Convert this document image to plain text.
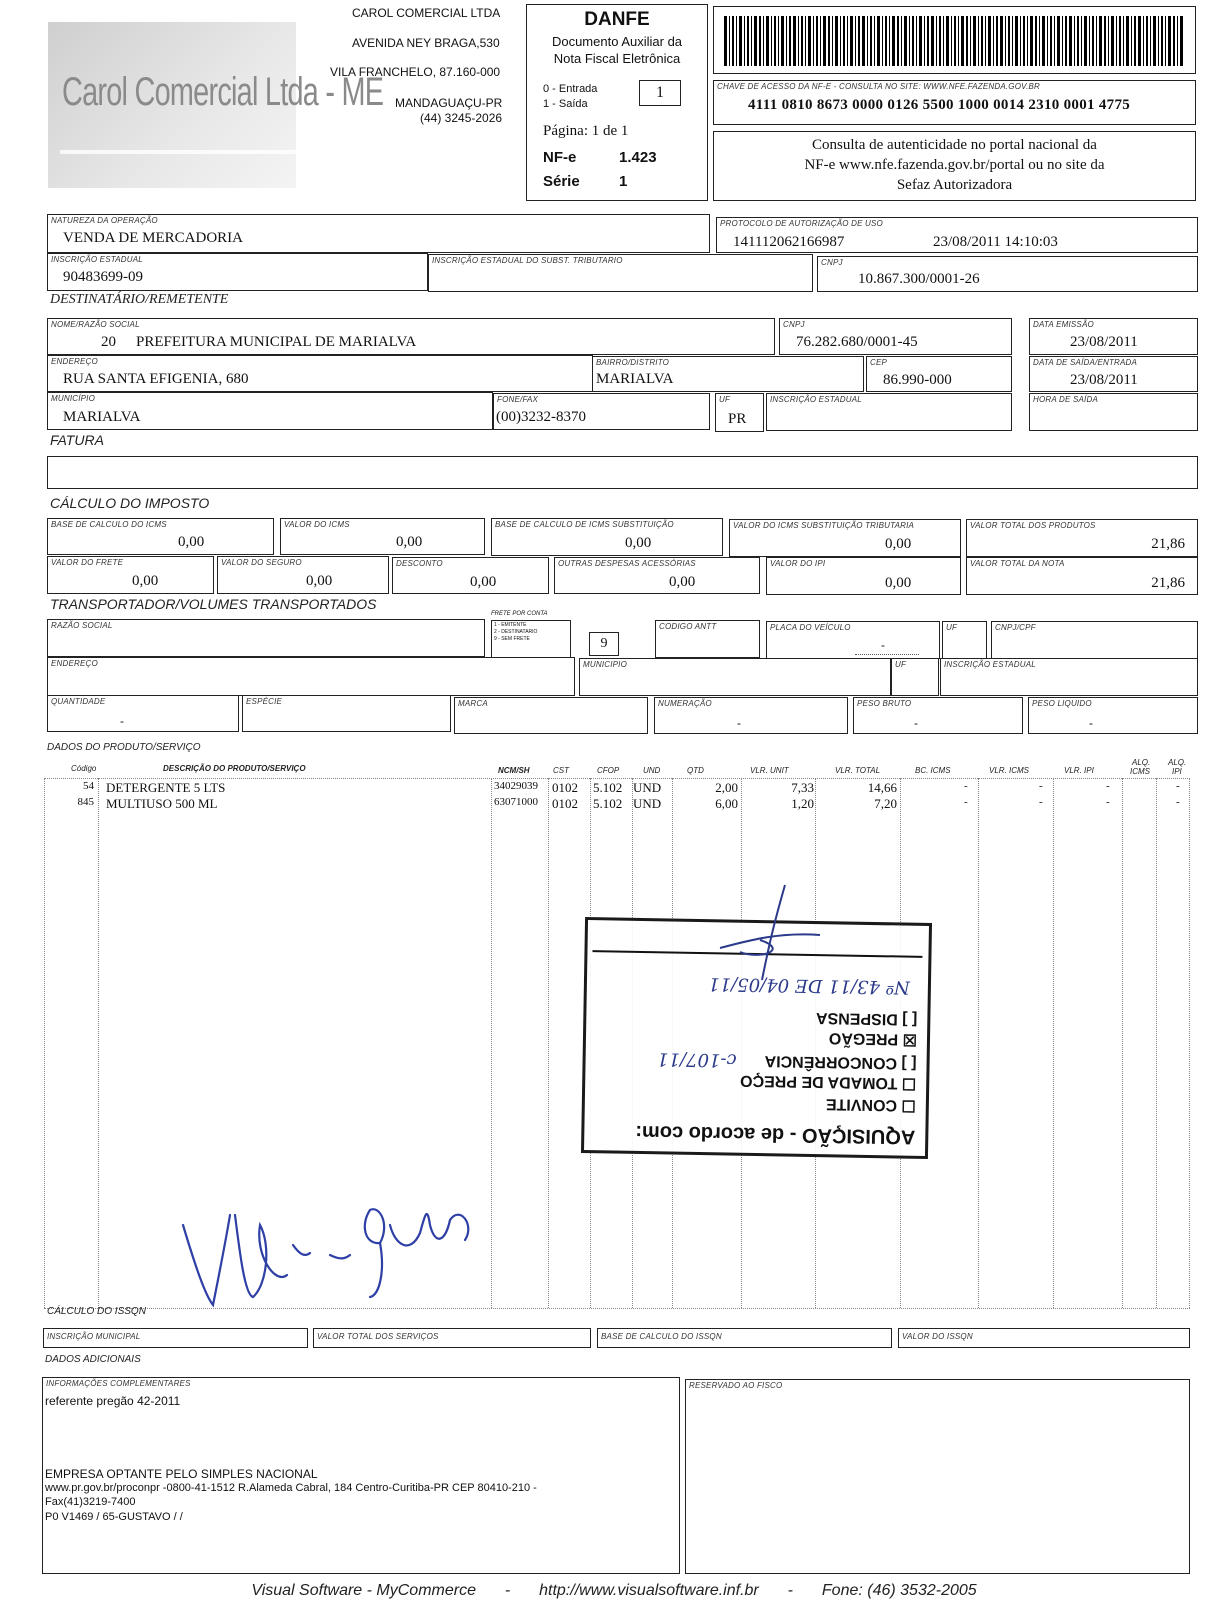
Carol Comercial Ltda - ME
CAROL COMERCIAL LTDA
AVENIDA NEY BRAGA,530
VILA FRANCHELO, 87.160-000
MANDAGUAÇU-PR
(44) 3245-2026
DANFE
Documento Auxiliar da
Nota Fiscal Eletrônica
0 - Entrada
1 - Saída
1
Página: 1 de 1
NF-e	1.423
Série	1
CHAVE DE ACESSO DA NF-E - CONSULTA NO SITE: WWW.NFE.FAZENDA.GOV.BR
4111 0810 8673 0000 0126 5500 1000 0014 2310 0001 4775
Consulta de autenticidade no portal nacional da
NF-e www.nfe.fazenda.gov.br/portal ou no site da
Sefaz Autorizadora
NATUREZA DA OPERAÇÃO
VENDA DE MERCADORIA
PROTOCOLO DE AUTORIZAÇÃO DE USO
141112062166987	23/08/2011 14:10:03
INSCRIÇÃO ESTADUAL
90483699-09
INSCRIÇÃO ESTADUAL DO SUBST. TRIBUTARIO	CNPJ
10.867.300/0001-26
DESTINATÁRIO/REMETENTE
NOME/RAZÃO SOCIAL
20 PREFEITURA MUNICIPAL DE MARIALVA
CNPJ
76.282.680/0001-45
DATA EMISSÃO
23/08/2011
ENDEREÇO
RUA SANTA EFIGENIA, 680
BAIRRO/DISTRITO
MARIALVA
CEP
86.990-000
DATA DE SAÍDA/ENTRADA
23/08/2011
MUNICÍPIO
MARIALVA
FONE/FAX
(00)3232-8370
UF
PR
INSCRIÇÃO ESTADUAL	HORA DE SAÍDA
FATURA
CÁLCULO DO IMPOSTO
BASE DE CALCULO DO ICMS
0,00
VALOR DO ICMS
0,00
BASE DE CALCULO DE ICMS SUBSTITUIÇÃO
0,00
VALOR DO ICMS SUBSTITUIÇÃO TRIBUTARIA
0,00
VALOR TOTAL DOS PRODUTOS
21,86
VALOR DO FRETE
0,00
VALOR DO SEGURO
0,00
DESCONTO
0,00
OUTRAS DESPESAS ACESSÓRIAS
0,00
VALOR DO IPI
0,00
VALOR TOTAL DA NOTA
21,86
TRANSPORTADOR/VOLUMES TRANSPORTADOS
RAZÃO SOCIAL
FRETE POR CONTA
1 - EMITENTE
2 - DESTINATARIO
9 - SEM FRETE	9
CODIGO ANTT	PLACA DO VEÍCULO
-
UF	CNPJ/CPF
ENDEREÇO	MUNICIPIO	UF	INSCRIÇÃO ESTADUAL
QUANTIDADE
-
ESPÉCIE	MARCA	NUMERAÇÃO
-
PESO BRUTO
-
PESO LIQUIDO
-
DADOS DO PRODUTO/SERVIÇO
Código	DESCRIÇÃO DO PRODUTO/SERVIÇO	NCM/SH	CST	CFOP	UND	QTD	VLR. UNIT	VLR. TOTAL	BC. ICMS	VLR. ICMS	VLR. IPI
ALQ.
ICMS
ALQ.
IPI
54 DETERGENTE 5 LTS	34029039 0102 5.102 UND	2,00	7,33	14,66	-	-	-	-
845 MULTIUSO 500 ML	63071000 0102 5.102 UND	6,00	1,20	7,20	-	-	-	-
AQUISIÇÃO - de acordo com:
☐ CONVITE
☐ TOMADA DE PREÇO
[ ] CONCORRÊNCIA
c-107/11
☒ PREGÃO
[ ] DISPENSA
Nº 43/11 DE 04/05/11
CÁLCULO DO ISSQN
INSCRIÇÃO MUNICIPAL	VALOR TOTAL DOS SERVIÇOS	BASE DE CALCULO DO ISSQN	VALOR DO ISSQN
DADOS ADICIONAIS
INFORMAÇÕES COMPLEMENTARES
referente pregão 42-2011
EMPRESA OPTANTE PELO SIMPLES NACIONAL
www.pr.gov.br/proconpr -0800-41-1512 R.Alameda Cabral, 184 Centro-Curitiba-PR CEP 80410-210 -
Fax(41)3219-7400
P0 V1469 / 65-GUSTAVO / /
RESERVADO AO FISCO
Visual Software - MyCommerce - http://www.visualsoftware.inf.br - Fone: (46) 3532-2005
